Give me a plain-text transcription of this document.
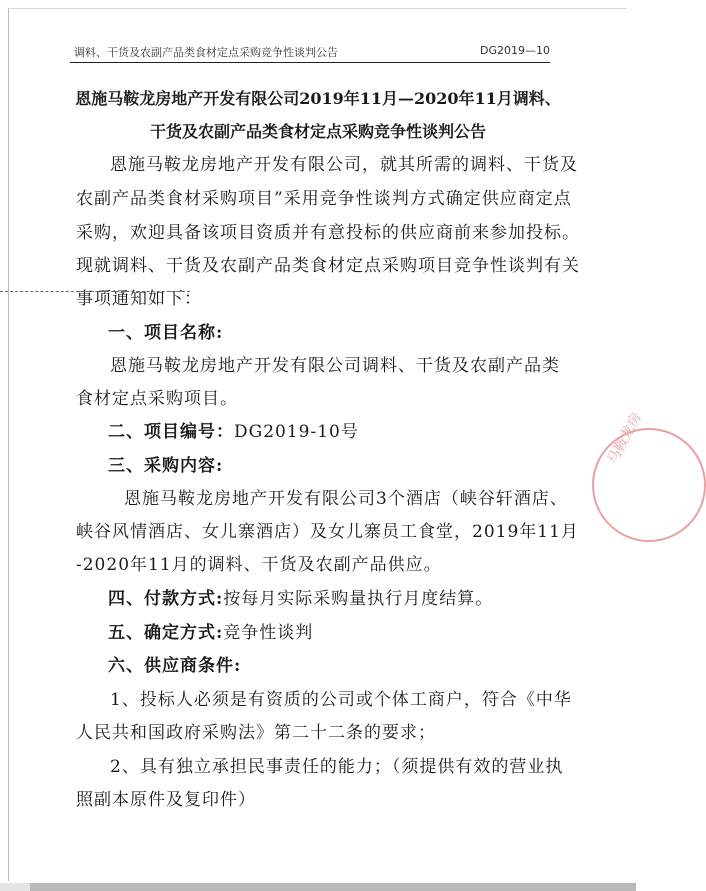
调料、干货及农副产品类食材定点采购竞争性谈判公告	DG2019—10
恩施马鞍龙房地产开发有限公司2019年11月—2020年11月调料、
干货及农副产品类食材定点采购竞争性谈判公告
恩施马鞍龙房地产开发有限公司，就其所需的调料、干货及
农副产品类食材采购项目”采用竞争性谈判方式确定供应商定点
采购，欢迎具备该项目资质并有意投标的供应商前来参加投标。
现就调料、干货及农副产品类食材定点采购项目竞争性谈判有关
事项通知如下：
一、项目名称:
恩施马鞍龙房地产开发有限公司调料、干货及农副产品类
食材定点采购项目。
二、项目编号：DG2019-10号
三、采购内容:
恩施马鞍龙房地产开发有限公司3个酒店（峡谷轩酒店、
峡谷风情酒店、女儿寨酒店）及女儿寨员工食堂，2019年11月
-2020年11月的调料、干货及农副产品供应。
四、付款方式:按每月实际采购量执行月度结算。
五、确定方式:竞争性谈判
六、供应商条件:
1、投标人必须是有资质的公司或个体工商户，符合《中华
人民共和国政府采购法》第二十二条的要求；
2、具有独立承担民事责任的能力；（须提供有效的营业执
照副本原件及复印件）
马鞍龙房
